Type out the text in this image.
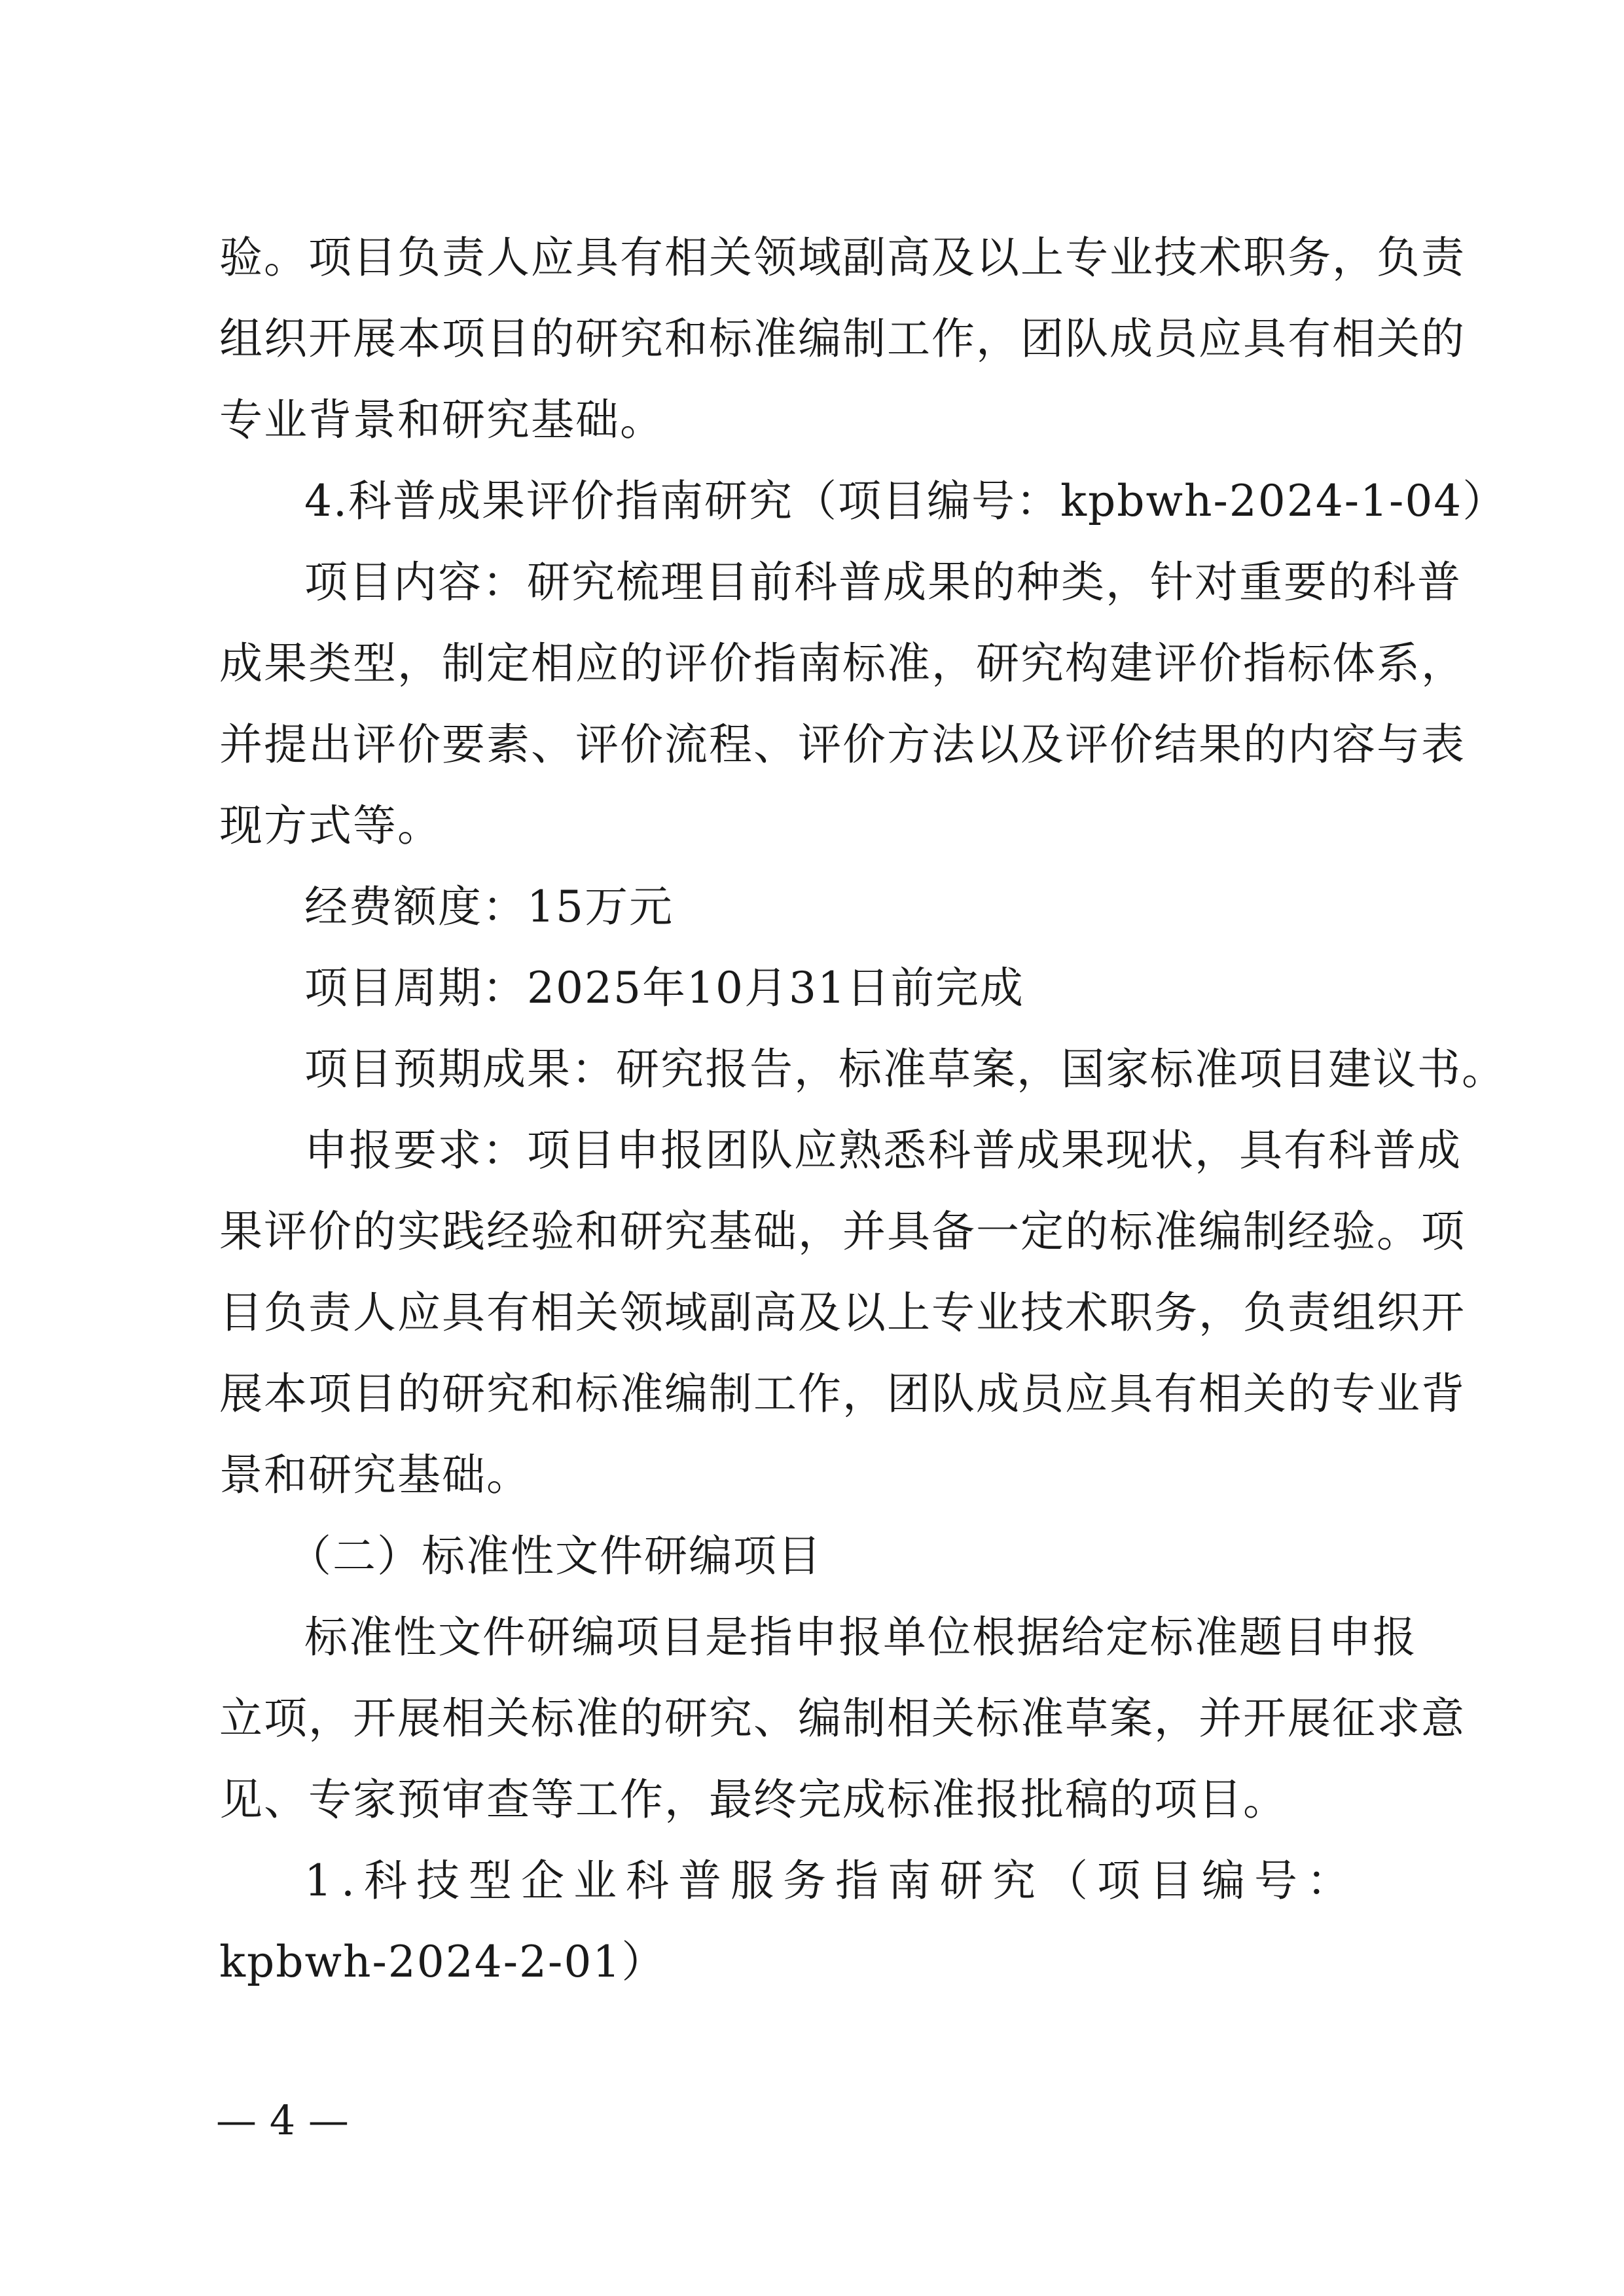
验。项目负责人应具有相关领域副高及以上专业技术职务，负责
组织开展本项目的研究和标准编制工作，团队成员应具有相关的
专业背景和研究基础。
4.科普成果评价指南研究（项目编号：kpbwh-2024-1-04）
项目内容：研究梳理目前科普成果的种类，针对重要的科普
成果类型，制定相应的评价指南标准，研究构建评价指标体系，
并提出评价要素、评价流程、评价方法以及评价结果的内容与表
现方式等。
经费额度：15万元
项目周期：2025年10月31日前完成
项目预期成果：研究报告，标准草案，国家标准项目建议书。
申报要求：项目申报团队应熟悉科普成果现状，具有科普成
果评价的实践经验和研究基础，并具备一定的标准编制经验。项
目负责人应具有相关领域副高及以上专业技术职务，负责组织开
展本项目的研究和标准编制工作，团队成员应具有相关的专业背
景和研究基础。
（二）标准性文件研编项目
标准性文件研编项目是指申报单位根据给定标准题目申报
立项，开展相关标准的研究、编制相关标准草案，并开展征求意
见、专家预审查等工作，最终完成标准报批稿的项目。
1.科技型企业科普服务指南研究（项目编号：
kpbwh-2024-2-01）
— 4 —
